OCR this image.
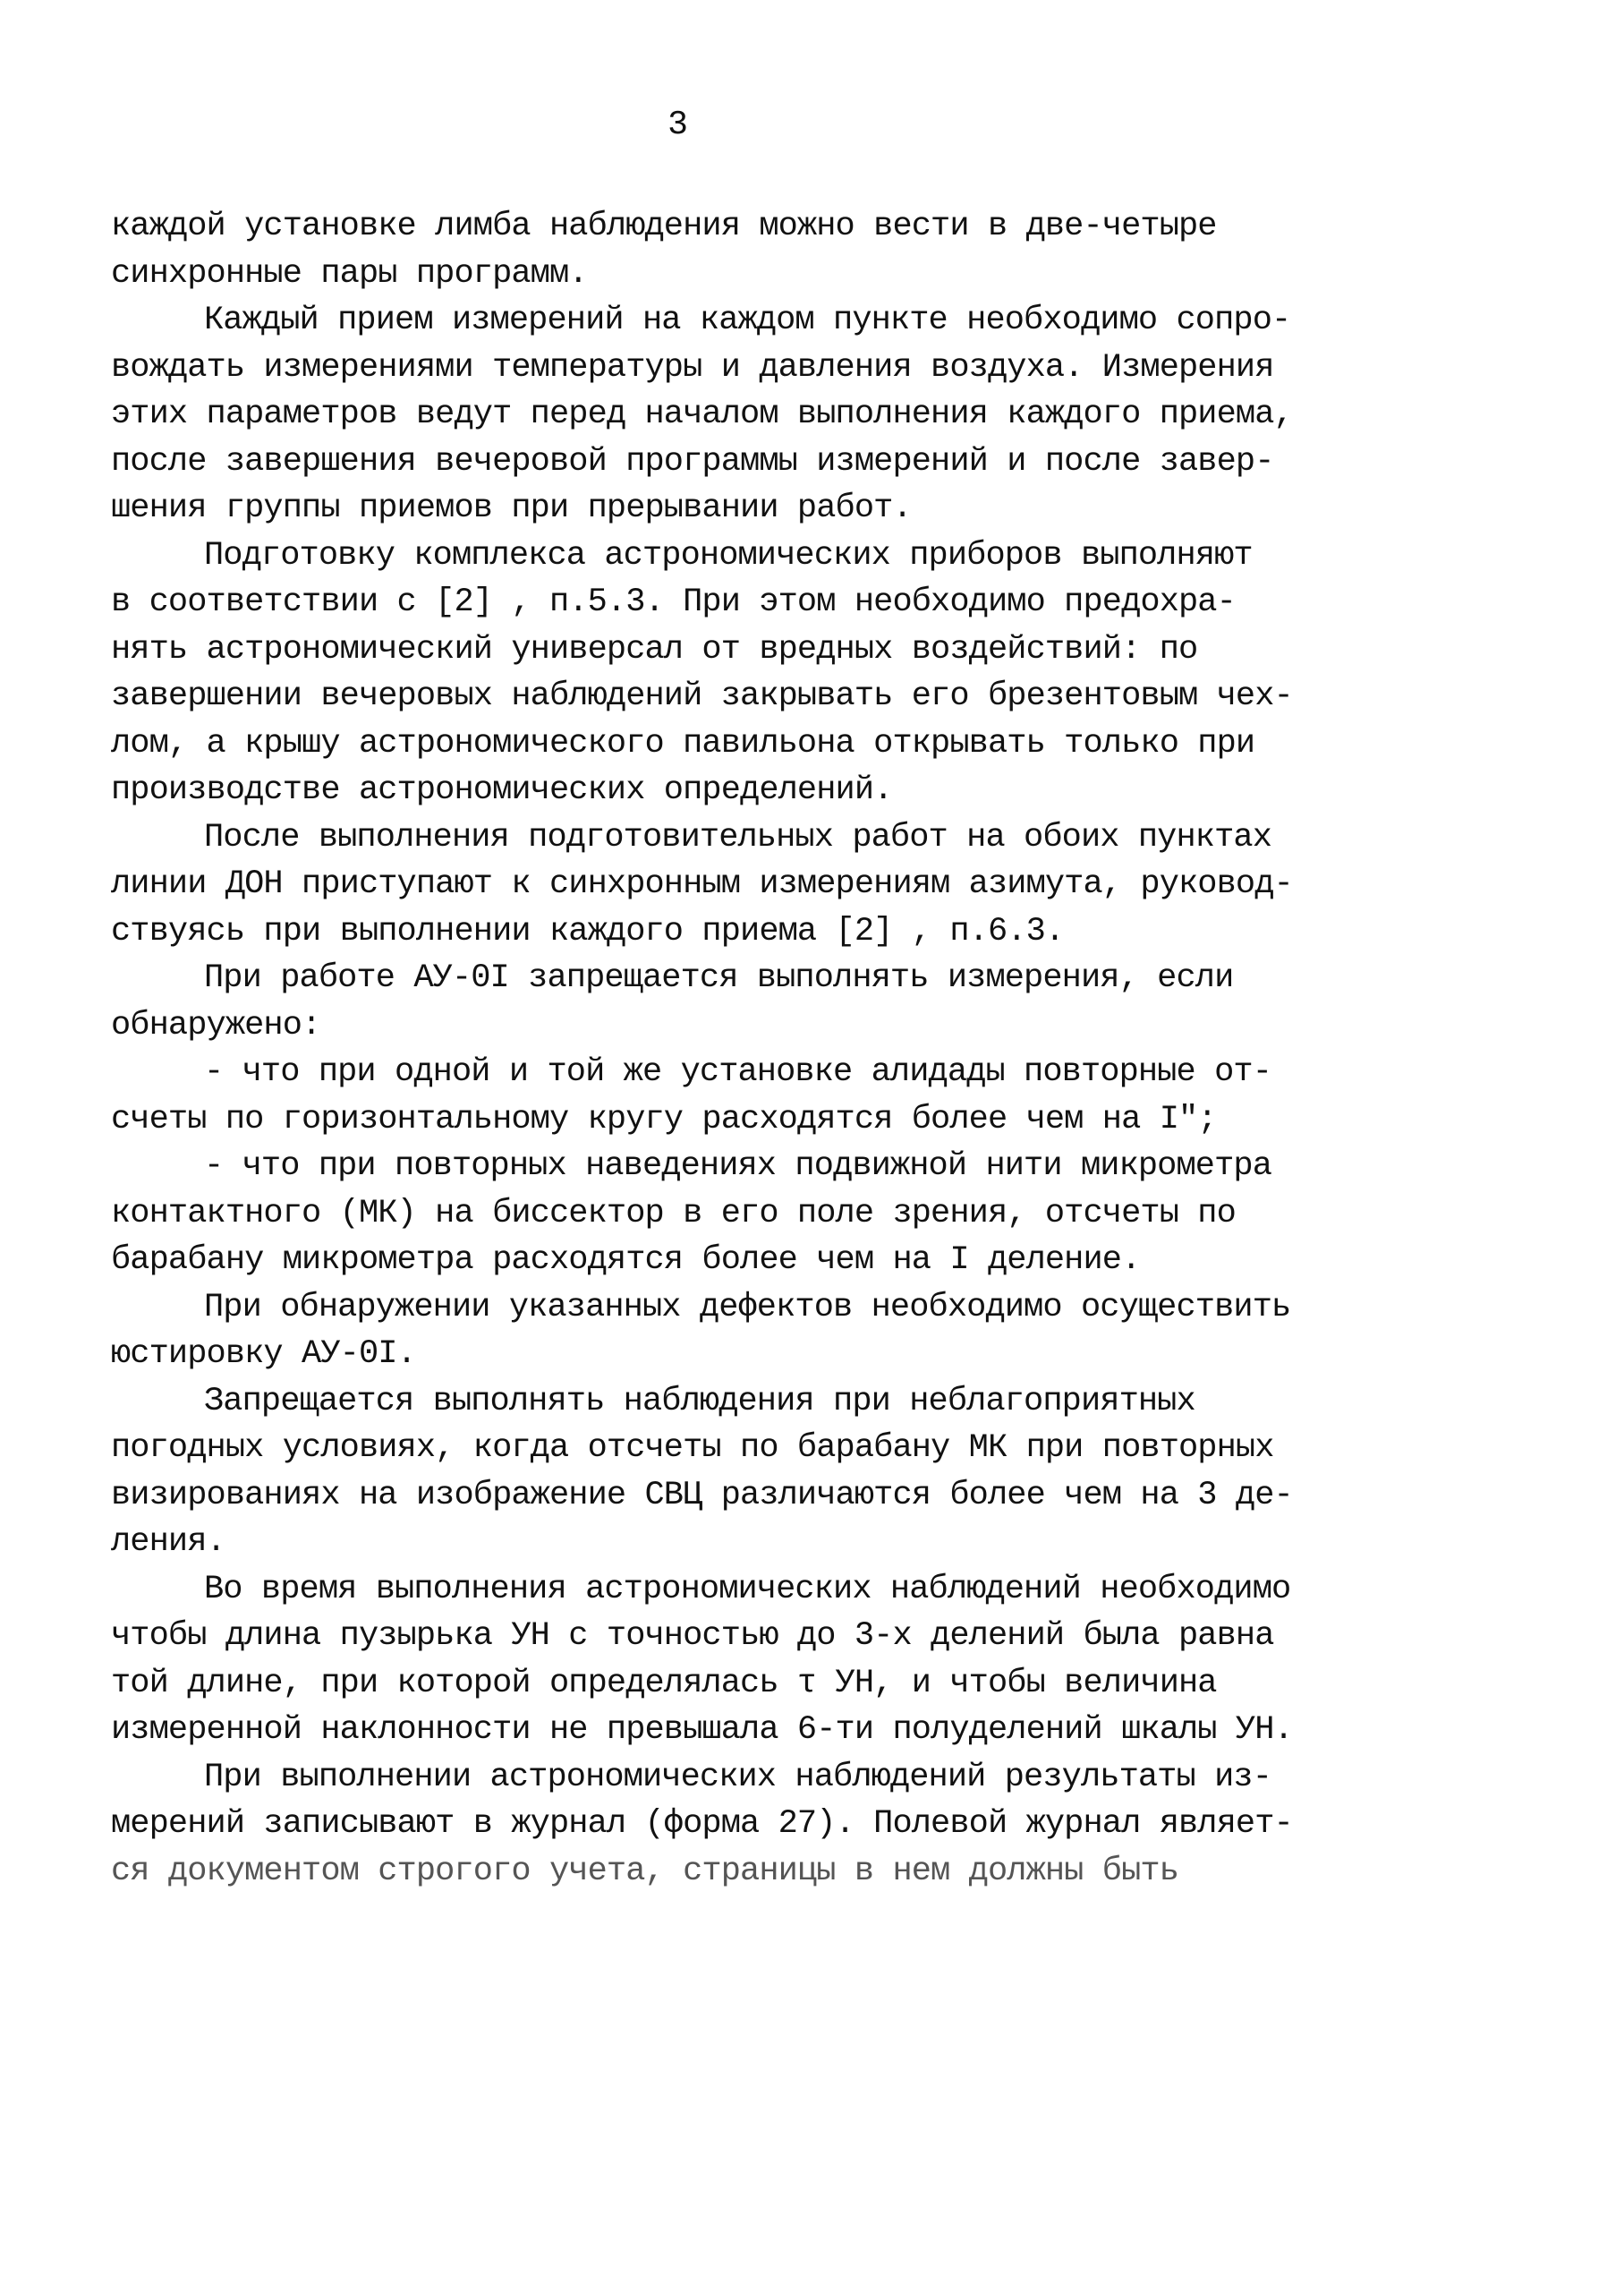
3
каждой установке лимба наблюдения можно вести в две-четыре
синхронные пары программ.
Каждый прием измерений на каждом пункте необходимо сопро-
вождать измерениями температуры и давления воздуха. Измерения
этих параметров ведут перед началом выполнения каждого приема,
после завершения вечеровой программы измерений и после завер-
шения группы приемов при прерывании работ.
Подготовку комплекса астрономических приборов выполняют
в соответствии с [2] , п.5.3. При этом необходимо предохра-
нять астрономический универсал от вредных воздействий: по
завершении вечеровых наблюдений закрывать его брезентовым чех-
лом, а крышу астрономического павильона открывать только при
производстве астрономических определений.
После выполнения подготовительных работ на обоих пунктах
линии ДОН приступают к синхронным измерениям азимута, руковод-
ствуясь при выполнении каждого приема [2] , п.6.3.
При работе АУ-0I запрещается выполнять измерения, если
обнаружено:
- что при одной и той же установке алидады повторные от-
счеты по горизонтальному кругу расходятся более чем на I";
- что при повторных наведениях подвижной нити микрометра
контактного (МК) на биссектор в его поле зрения, отсчеты по
барабану микрометра расходятся более чем на I деление.
При обнаружении указанных дефектов необходимо осуществить
юстировку АУ-0I.
Запрещается выполнять наблюдения при неблагоприятных
погодных условиях, когда отсчеты по барабану МК при повторных
визированиях на изображение СВЦ различаются более чем на 3 де-
ления.
Во время выполнения астрономических наблюдений необходимо
чтобы длина пузырька УН с точностью до 3-х делений была равна
той длине, при которой определялась τ УН, и чтобы величина
измеренной наклонности не превышала 6-ти полуделений шкалы УН.
При выполнении астрономических наблюдений результаты из-
мерений записывают в журнал (форма 27). Полевой журнал являет-
ся документом строгого учета, страницы в нем должны быть
